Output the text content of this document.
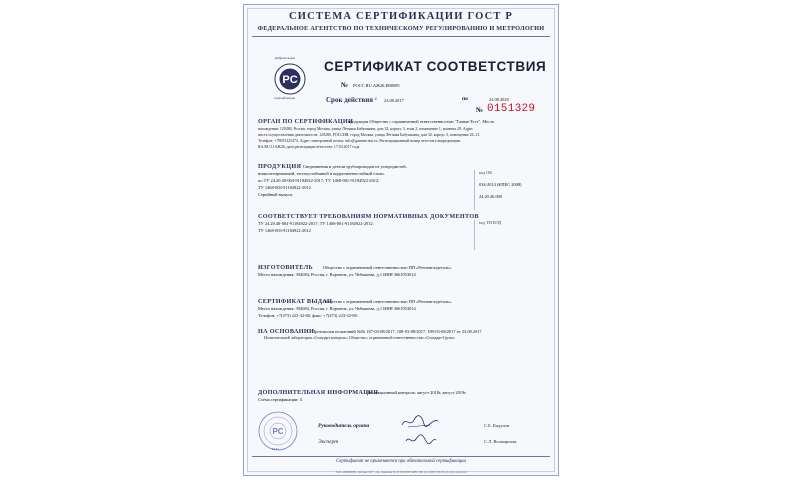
СИСТЕМА СЕРТИФИКАЦИИ ГОСТ Р
ФЕДЕРАЛЬНОЕ АГЕНТСТВО ПО ТЕХНИЧЕСКОМУ РЕГУЛИРОВАНИЮ И МЕТРОЛОГИИ
PC
Добровольная
сертификация
СЕРТИФИКАТ СООТВЕТСТВИЯ
№ РОСС RU.АЖ26.Н00085
Срок действия с 23.08.2017	по	22.08.2020
№ 0151329
ОРГАН ПО СЕРТИФИКАЦИИ
продукции Общество с ограниченной ответственностью "Гамма-Тест". Место
нахождения: 129280, Россия, город Москва, улица Лётчика Бабушкина, дом 32, корпус 3, этаж 2, помещение 1, комната 29. Адрес
места осуществления деятельности: 129280, РОССИЯ, город Москва, улица Лётчика Бабушкина, дом 32, корпус 3, помещение 26, 21.
Телефон: +79055225474. Адрес электронной почты: info@gamma-test.ru. Регистрационный номер аттестата аккредитации
RA.RU.11АЖ26, дата регистрации аттестата: 17.03.2017 года
ПРОДУКЦИЯ Сведнинения и детали трубопроводов из углеродистой,
низколегированной, теплоустойчивой и коррозионностойкой стали.
по ТУ 24.20.40-004-91184922-2017; ТУ 1468-001-91184922-2012;
ТУ 1468-003-91184922-2012
Серийный выпуск.
код ОК
034-2014 (КПЕС 2008)
24.20.40.000
СООТВЕТСТВУЕТ ТРЕБОВАНИЯМ НОРМАТИВНЫХ ДОКУМЕНТОВ
ТУ 24.20.40-004-91184922-2017; ТУ 1468-001-91184922-2012;
ТУ 1468-003-91184922-2012
код ТН ВЭД
ИЗГОТОВИТЕЛЬ Общество с ограниченной ответственностью ПП «Регионгаздеталь».
Место нахождения: 394084, Россия, г. Воронеж, ул. Чебышева, д.1 ИНН 3661053014
СЕРТИФИКАТ ВЫДАН
Общество с ограниченной ответственностью ПП «Регионгаздеталь».
Место нахождения: 394084, Россия, г. Воронеж, ул. Чебышева, д.1 ИНН 3661053014
Телефон: +7(473) 223-32-80, факс: +7(473) 223-32-80.
НА ОСНОВАНИИ
Протоколов испытаний №№ 187-03-08/2017, 188-03-08/2017, 189-03-08/2017 от 23.08.2017
Испытательной лаборатории «Стандарт контроль» Общества с ограниченной ответственностью «Стандарт-Групп»
ДОПОЛНИТЕЛЬНАЯ ИНФОРМАЦИЯ
Инспекционный контроль: август 2018г, август 2019г.
Схема сертификации: 3.
PC
М.П.
Руководитель органа	С.Б. Кадугин
Эксперт	С.Л. Волжарская
Сертификат не применяется при обязательной сертификации
ЗАО «ОПЦИОН», Москва, 2017, «Б», лицензия № 05-05-09/003 ФНС РФ, тел. (495) 726-47-42, www.opcion.ru
